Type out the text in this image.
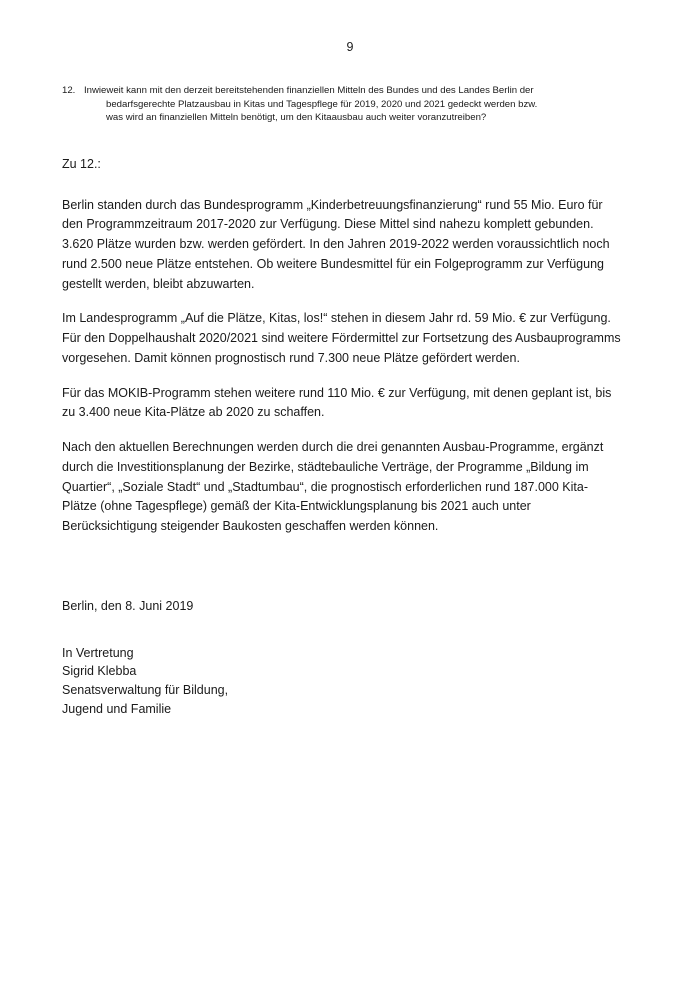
9
12. Inwieweit kann mit den derzeit bereitstehenden finanziellen Mitteln des Bundes und des Landes Berlin der
bedarfsgerechte Platzausbau in Kitas und Tagespflege für 2019, 2020 und 2021 gedeckt werden bzw.
was wird an finanziellen Mitteln benötigt, um den Kitaausbau auch weiter voranzutreiben?
Zu 12.:

Berlin standen durch das Bundesprogramm „Kinderbetreuungsfinanzierung“ rund 55 Mio. Euro für den Programmzeitraum 2017-2020 zur Verfügung. Diese Mittel sind nahezu komplett gebunden. 3.620 Plätze wurden bzw. werden gefördert. In den Jahren 2019-2022 werden voraussichtlich noch rund 2.500 neue Plätze entstehen. Ob weitere Bundesmittel für ein Folgeprogramm zur Verfügung gestellt werden, bleibt abzuwarten.

Im Landesprogramm „Auf die Plätze, Kitas, los!“ stehen in diesem Jahr rd. 59 Mio. € zur Verfügung. Für den Doppelhaushalt 2020/2021 sind weitere Fördermittel zur Fortsetzung des Ausbauprogramms vorgesehen. Damit können prognostisch rund 7.300 neue Plätze gefördert werden.

Für das MOKIB-Programm stehen weitere rund 110 Mio. € zur Verfügung, mit denen geplant ist, bis zu 3.400 neue Kita-Plätze ab 2020 zu schaffen.

Nach den aktuellen Berechnungen werden durch die drei genannten Ausbau-Programme, ergänzt durch die Investitionsplanung der Bezirke, städtebauliche Verträge, der Programme „Bildung im Quartier“, „Soziale Stadt“ und „Stadtumbau“, die prognostisch erforderlichen rund 187.000 Kita- Plätze (ohne Tagespflege) gemäß der Kita-Entwicklungsplanung bis 2021 auch unter Berücksichtigung steigender Baukosten geschaffen werden können.

Berlin, den 8. Juni 2019
In Vertretung
Sigrid Klebba
Senatsverwaltung für Bildung,
Jugend und Familie
